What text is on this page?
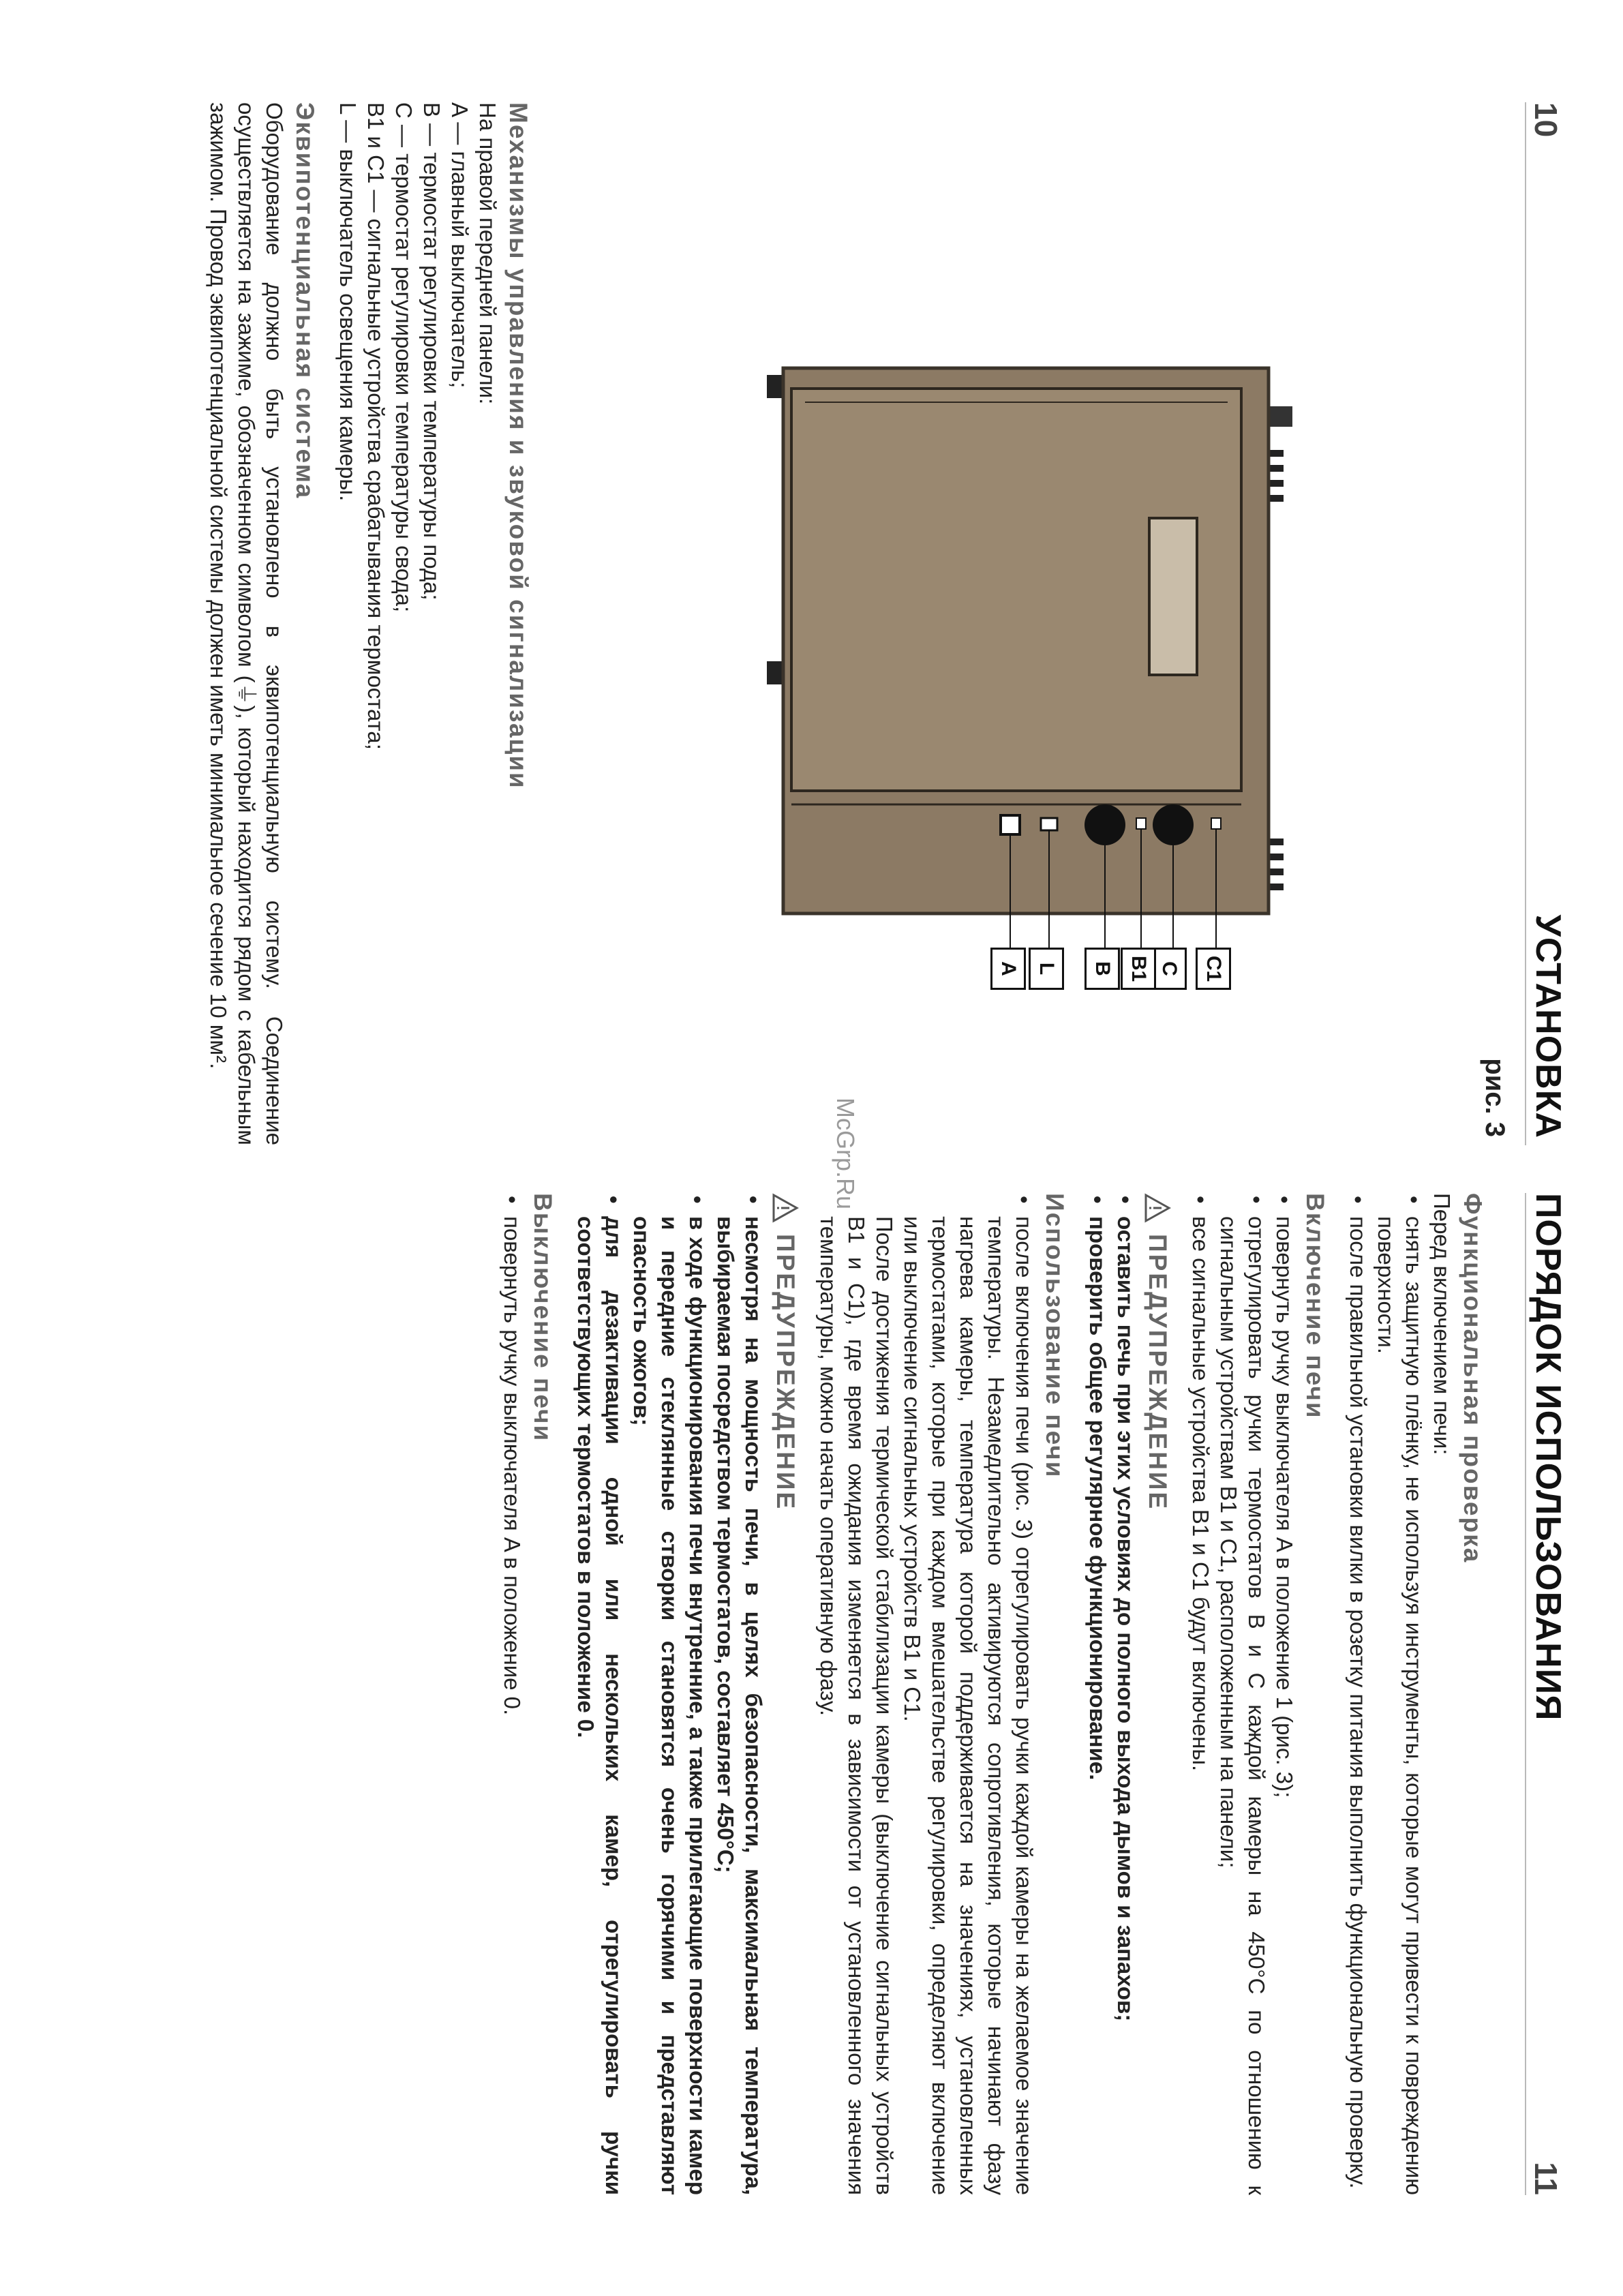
10
УСТАНОВКА
рис. 3
C1
C
B1
B
L
A
Механизмы управления и звуковой сигнализации

На правой передней панели:

A — главный выключатель;

B — термостат регулировки температуры пода;

C — термостат регулировки температуры свода;

B1 и C1 — сигнальные устройства срабатывания термостата;

L — выключатель освещения камеры.

Эквипотенциальная система

Оборудование должно быть установлено в эквипотенциальную систему. Соединение осуществляется на зажиме, обозначенном символом (⏚), который находится рядом с кабельным зажимом. Провод эквипотенциальной системы должен иметь минимальное сечение 10 мм².

McGrp.Ru
ПОРЯДОК ИСПОЛЬЗОВАНИЯ
11
Функциональная проверка

Перед включением печи:

• снять защитную плёнку, не используя инструменты, которые могут привести к повреждению поверхности.
• после правильной установки вилки в розетку питания выполнить функциональную проверку.
Включение печи
• повернуть ручку выключателя A в положение 1 (рис. 3);
• отрегулировать ручки термостатов B и C каждой камеры на 450°C по отношению к сигнальным устройствам B1 и C1, расположенным на панели;
• все сигнальные устройства B1 и C1 будут включены.
ПРЕДУПРЕЖДЕНИЕ
• оставить печь при этих условиях до полного выхода дымов и запахов;
• проверить общее регулярное функционирование.
Использование печи
• после включения печи (рис. 3) отрегулировать ручки каждой камеры на желаемое значение температуры. Незамедлительно активируются сопротивления, которые начинают фазу нагрева камеры, температура которой поддерживается на значениях, установленных термостатами, которые при каждом вмешательстве регулировки, определяют включение или выключение сигнальных устройств B1 и C1.

После достижения термической стабилизации камеры (выключение сигнальных устройств B1 и C1), где время ожидания изменяется в зависимости от установленного значения температуры, можно начать оперативную фазу.

ПРЕДУПРЕЖДЕНИЕ
• несмотря на мощность печи, в целях безопасности, максимальная температура, выбираемая посредством термостатов, составляет 450°C;
• в ходе функционирования печи внутренние, а также прилегающие поверхности камер и передние стеклянные створки становятся очень горячими и представляют опасность ожогов;
• для дезактивации одной или нескольких камер, отрегулировать ручки соответствующих термостатов в положение 0.
Выключение печи
• повернуть ручку выключателя A в положение 0.
